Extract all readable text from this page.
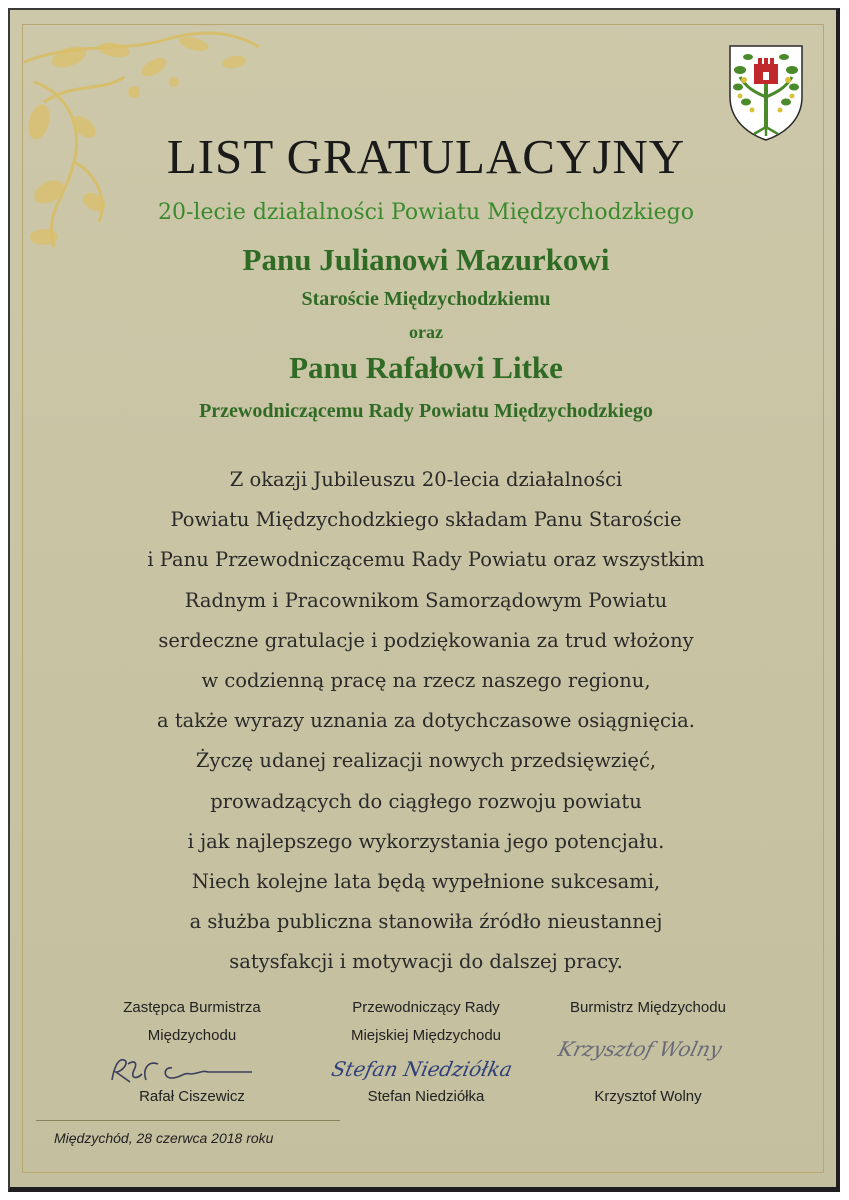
LIST GRATULACYJNY
20-lecie działalności Powiatu Międzychodzkiego
Panu Julianowi Mazurkowi
Staroście Międzychodzkiemu
oraz
Panu Rafałowi Litke
Przewodniczącemu Rady Powiatu Międzychodzkiego
Z okazji Jubileuszu 20-lecia działalności
Powiatu Międzychodzkiego składam Panu Staroście
i Panu Przewodniczącemu Rady Powiatu oraz wszystkim
Radnym i Pracownikom Samorządowym Powiatu
serdeczne gratulacje i podziękowania za trud włożony
w codzienną pracę na rzecz naszego regionu,
a także wyrazy uznania za dotychczasowe osiągnięcia.
Życzę udanej realizacji nowych przedsięwzięć,
prowadzących do ciągłego rozwoju powiatu
i jak najlepszego wykorzystania jego potencjału.
Niech kolejne lata będą wypełnione sukcesami,
a służba publiczna stanowiła źródło nieustannej
satysfakcji i motywacji do dalszej pracy.
Zastępca Burmistrza
Międzychodu
Rafał Ciszewicz
Przewodniczący Rady
Miejskiej Międzychodu
Stefan Niedziółka
Stefan Niedziółka
Burmistrz Międzychodu
Krzysztof Wolny
Krzysztof Wolny
Międzychód, 28 czerwca 2018 roku
